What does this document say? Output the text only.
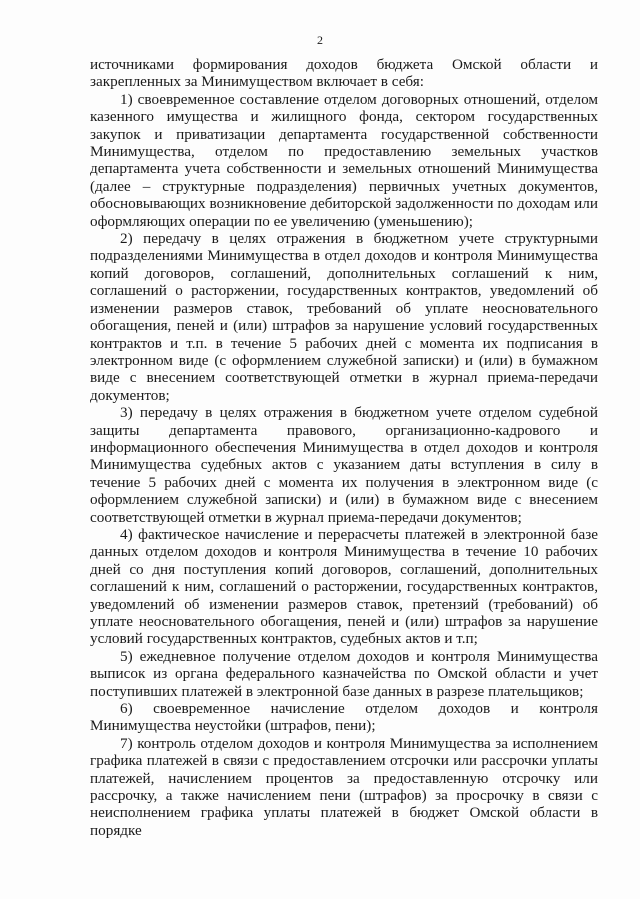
2

источниками формирования доходов бюджета Омской области и закрепленных за Минимуществом включает в себя:

1) своевременное составление отделом договорных отношений, отделом казенного имущества и жилищного фонда, сектором государственных закупок и приватизации департамента государственной собственности Минимущества, отделом по предоставлению земельных участков департамента учета собственности и земельных отношений Минимущества (далее – структурные подразделения) первичных учетных документов, обосновывающих возникновение дебиторской задолженности по доходам или оформляющих операции по ее увеличению (уменьшению);

2) передачу в целях отражения в бюджетном учете структурными подразделениями Минимущества в отдел доходов и контроля Минимущества копий договоров, соглашений, дополнительных соглашений к ним, соглашений о расторжении, государственных контрактов, уведомлений об изменении размеров ставок, требований об уплате неосновательного обогащения, пеней и (или) штрафов за нарушение условий государственных контрактов и т.п. в течение 5 рабочих дней с момента их подписания в электронном виде (с оформлением служебной записки) и (или) в бумажном виде с внесением соответствующей отметки в журнал приема-передачи документов;

3) передачу в целях отражения в бюджетном учете отделом судебной защиты департамента правового, организационно-кадрового и информационного обеспечения Минимущества в отдел доходов и контроля Минимущества судебных актов с указанием даты вступления в силу в течение 5 рабочих дней с момента их получения в электронном виде (с оформлением служебной записки) и (или) в бумажном виде с внесением соответствующей отметки в журнал приема-передачи документов;

4) фактическое начисление и перерасчеты платежей в электронной базе данных отделом доходов и контроля Минимущества в течение 10 рабочих дней со дня поступления копий договоров, соглашений, дополнительных соглашений к ним, соглашений о расторжении, государственных контрактов, уведомлений об изменении размеров ставок, претензий (требований) об уплате неосновательного обогащения, пеней и (или) штрафов за нарушение условий государственных контрактов, судебных актов и т.п;

5) ежедневное получение отделом доходов и контроля Минимущества выписок из органа федерального казначейства по Омской области и учет поступивших платежей в электронной базе данных в разрезе плательщиков;

6) своевременное начисление отделом доходов и контроля Минимущества неустойки (штрафов, пени);

7) контроль отделом доходов и контроля Минимущества за исполнением графика платежей в связи с предоставлением отсрочки или рассрочки уплаты платежей, начислением процентов за предоставленную отсрочку или рассрочку, а также начислением пени (штрафов) за просрочку в связи с неисполнением графика уплаты платежей в бюджет Омской области в порядке
